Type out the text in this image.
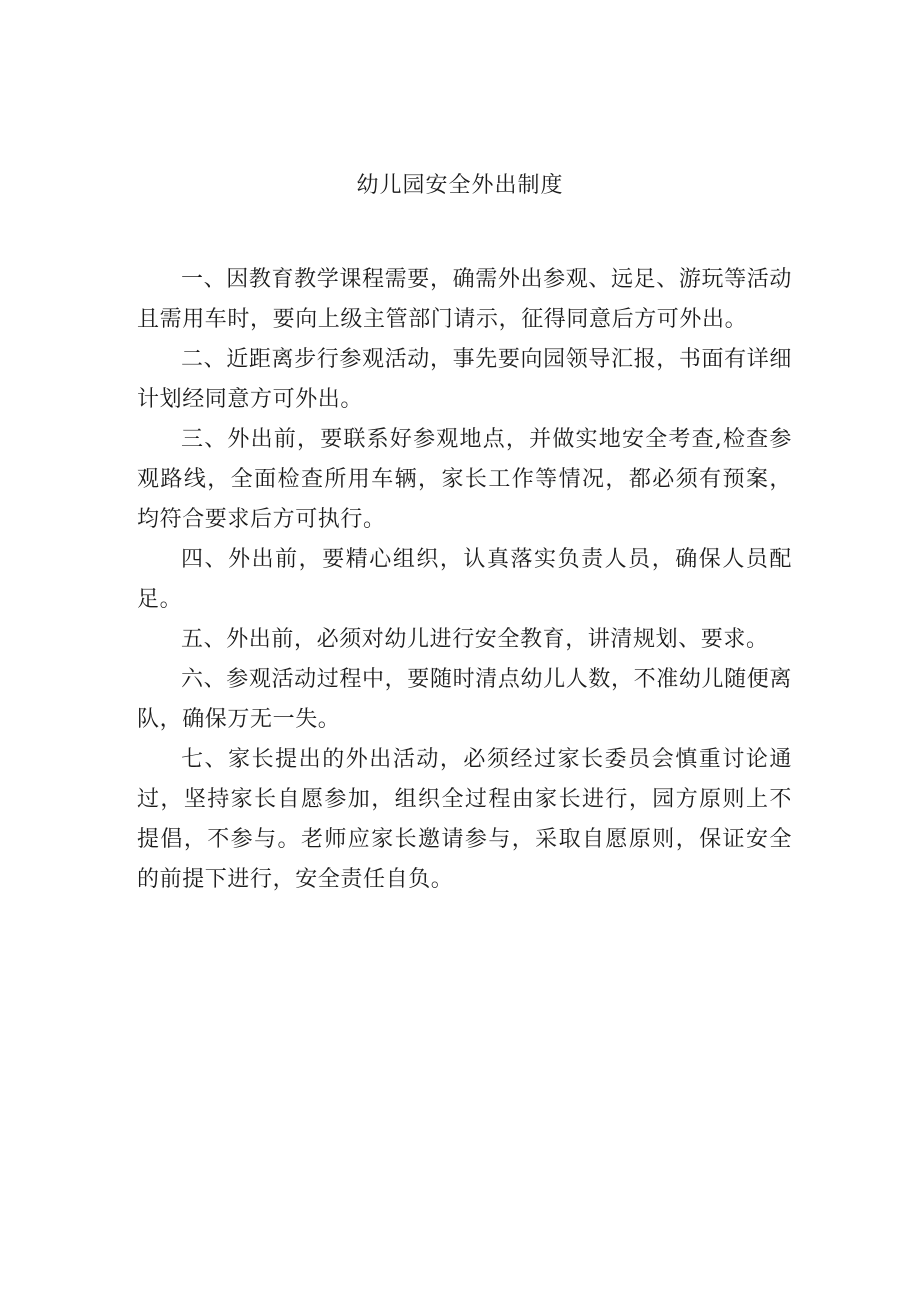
幼儿园安全外出制度

一、因教育教学课程需要，确需外出参观、远足、游玩等活动且需用车时，要向上级主管部门请示，征得同意后方可外出。

二、近距离步行参观活动，事先要向园领导汇报，书面有详细计划经同意方可外出。

三、外出前，要联系好参观地点，并做实地安全考查,检查参观路线，全面检查所用车辆，家长工作等情况，都必须有预案，均符合要求后方可执行。

四、外出前，要精心组织，认真落实负责人员，确保人员配足。

五、外出前，必须对幼儿进行安全教育，讲清规划、要求。

六、参观活动过程中，要随时清点幼儿人数，不准幼儿随便离队，确保万无一失。

七、家长提出的外出活动，必须经过家长委员会慎重讨论通过，坚持家长自愿参加，组织全过程由家长进行，园方原则上不提倡，不参与。老师应家长邀请参与，采取自愿原则，保证安全的前提下进行，安全责任自负。
